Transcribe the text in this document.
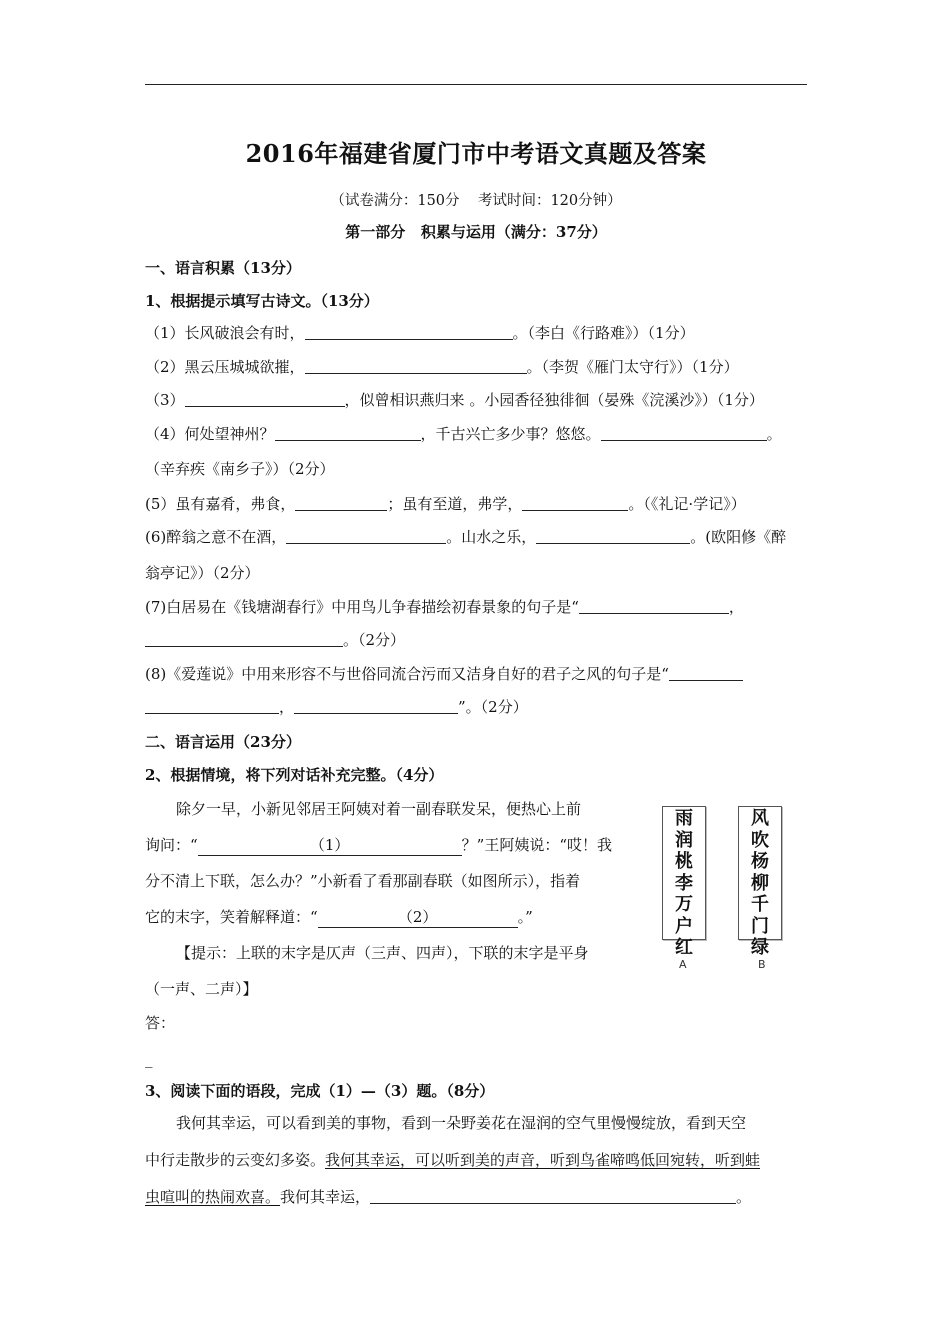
2016年福建省厦门市中考语文真题及答案
（试卷满分：150分    考试时间：120分钟）
第一部分   积累与运用（满分：37分）
一、语言积累（13分）
1、根据提示填写古诗文。（13分）
（1）长风破浪会有时，	。（李白《行路难》）（1分）
（2）黑云压城城欲摧，	。（李贺《雁门太守行》）（1分）
（3）	，似曾相识燕归来 。小园香径独徘徊（晏殊《浣溪沙》）（1分）
（4）何处望神州？	，千古兴亡多少事？悠悠。	。
（辛弃疾《南乡子》）（2分）
(5）虽有嘉肴，弗食，	；虽有至道，弗学，	。（《礼记·学记》）
(6)醉翁之意不在酒，	。山水之乐，	。(欧阳修《醉
翁亭记》）（2分）
(7)白居易在《钱塘湖春行》中用鸟儿争春描绘初春景象的句子是“	，
。（2分）
(8)《爱莲说》中用来形容不与世俗同流合污而又洁身自好的君子之风的句子是“
，	”。（2分）
二、语言运用（23分）
2、根据情境，将下列对话补充完整。（4分）
除夕一早，小新见邻居王阿姨对着一副春联发呆，便热心上前
询问：“	（1）	？”王阿姨说：“哎！我
分不清上下联，怎么办？”小新看了看那副春联（如图所示），指着
它的末字，笑着解释道：“	（2）	。”
【提示：上联的末字是仄声（三声、四声），下联的末字是平身
（一声、二声）】
答：
_
雨
润
桃
李
万
户
红
风
吹
杨
柳
千
门
绿
A	B
3、阅读下面的语段，完成（1）—（3）题。（8分）
我何其幸运，可以看到美的事物，看到一朵野姜花在湿润的空气里慢慢绽放，看到天空
中行走散步的云变幻多姿。我何其幸运，可以听到美的声音，听到鸟雀啼鸣低回宛转，听到蛙
虫喧叫的热闹欢喜。我何其幸运，	。
